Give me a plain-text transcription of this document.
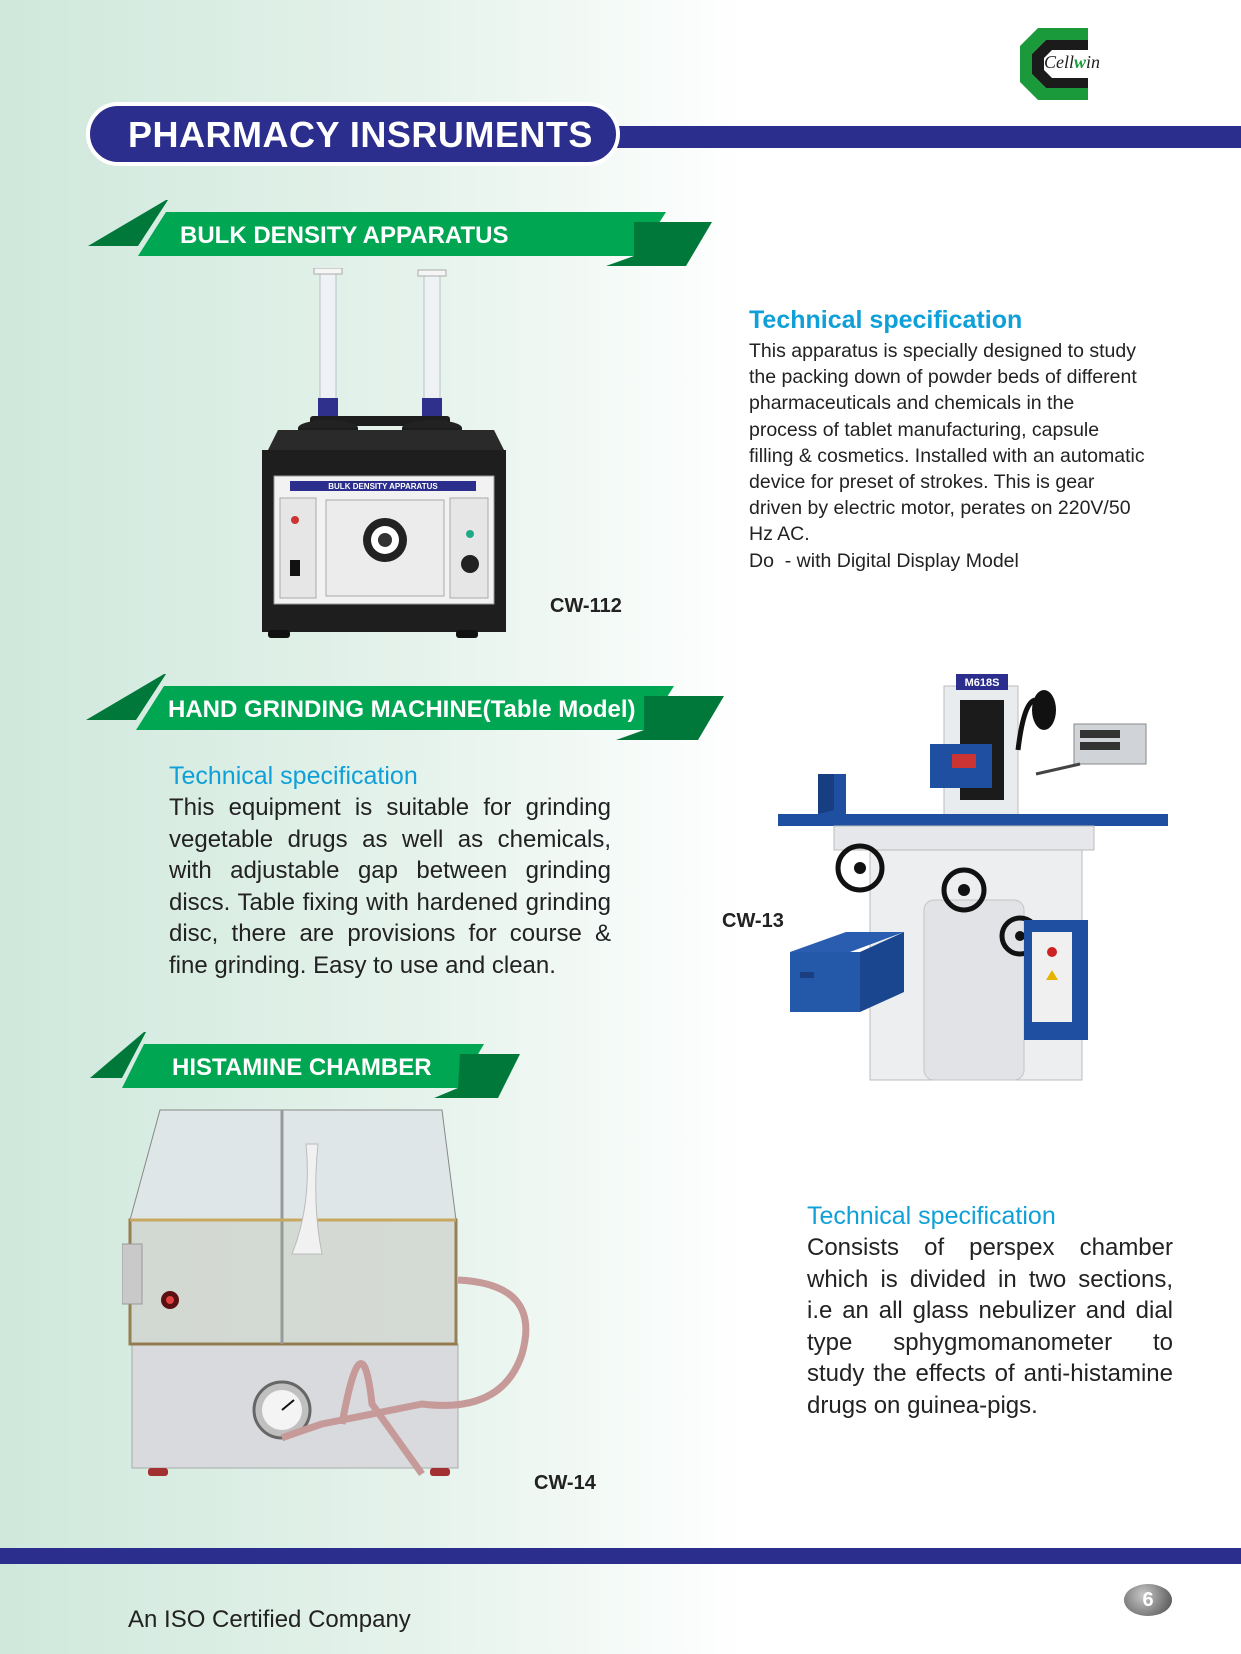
Cellwin
PHARMACY INSRUMENTS
BULK DENSITY APPARATUS
BULK DENSITY APPARATUS
CW-112
Technical specification
This apparatus is specially designed to study
the packing down of powder beds of different
pharmaceuticals and chemicals in the
process of tablet manufacturing, capsule
filling & cosmetics. Installed with an automatic
device for preset of strokes. This is gear
driven by electric motor, perates on 220V/50
Hz AC.
Do  - with Digital Display Model
HAND GRINDING MACHINE(Table Model)
Technical specification
This equipment is suitable for grinding
vegetable drugs as well as chemicals,
with adjustable gap between grinding
discs. Table fixing with hardened grinding
disc, there are provisions for course &
fine grinding. Easy to use and clean.
M618S
CW-13
HISTAMINE CHAMBER
CW-14
Technical specification
Consists of perspex chamber
which is divided in two sections,
i.e an all glass nebulizer and dial
type sphygmomanometer to
study the effects of anti-histamine
drugs on guinea-pigs.
6
An ISO Certified Company
